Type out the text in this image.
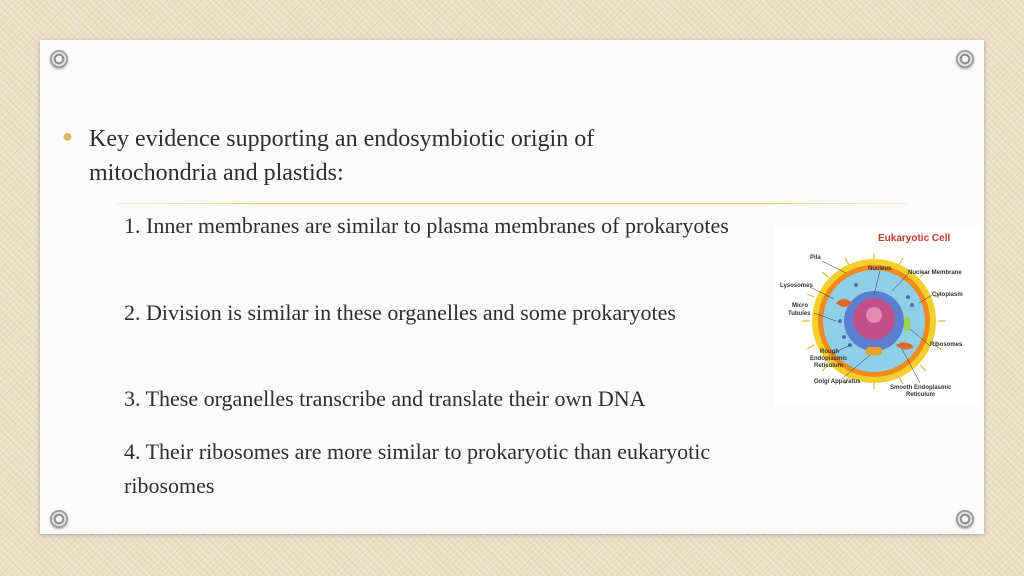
● Key evidence supporting an endosymbiotic origin of mitochondria and plastids:
1. Inner membranes are similar to plasma membranes of prokaryotes
2. Division is similar in these organelles and some prokaryotes
3. These organelles transcribe and translate their own DNA
4. Their ribosomes are more similar to prokaryotic than eukaryotic ribosomes
Eukaryotic Cell
Pila
Nucleus
Nuclear Membrane
Lysosomes
Cytoplasm
Micro
Tubules
Ribosomes
Rough
Endoplasmic
Reticulum
Golgi Apparatus
Smooth Endoplasmic
Reticulum
